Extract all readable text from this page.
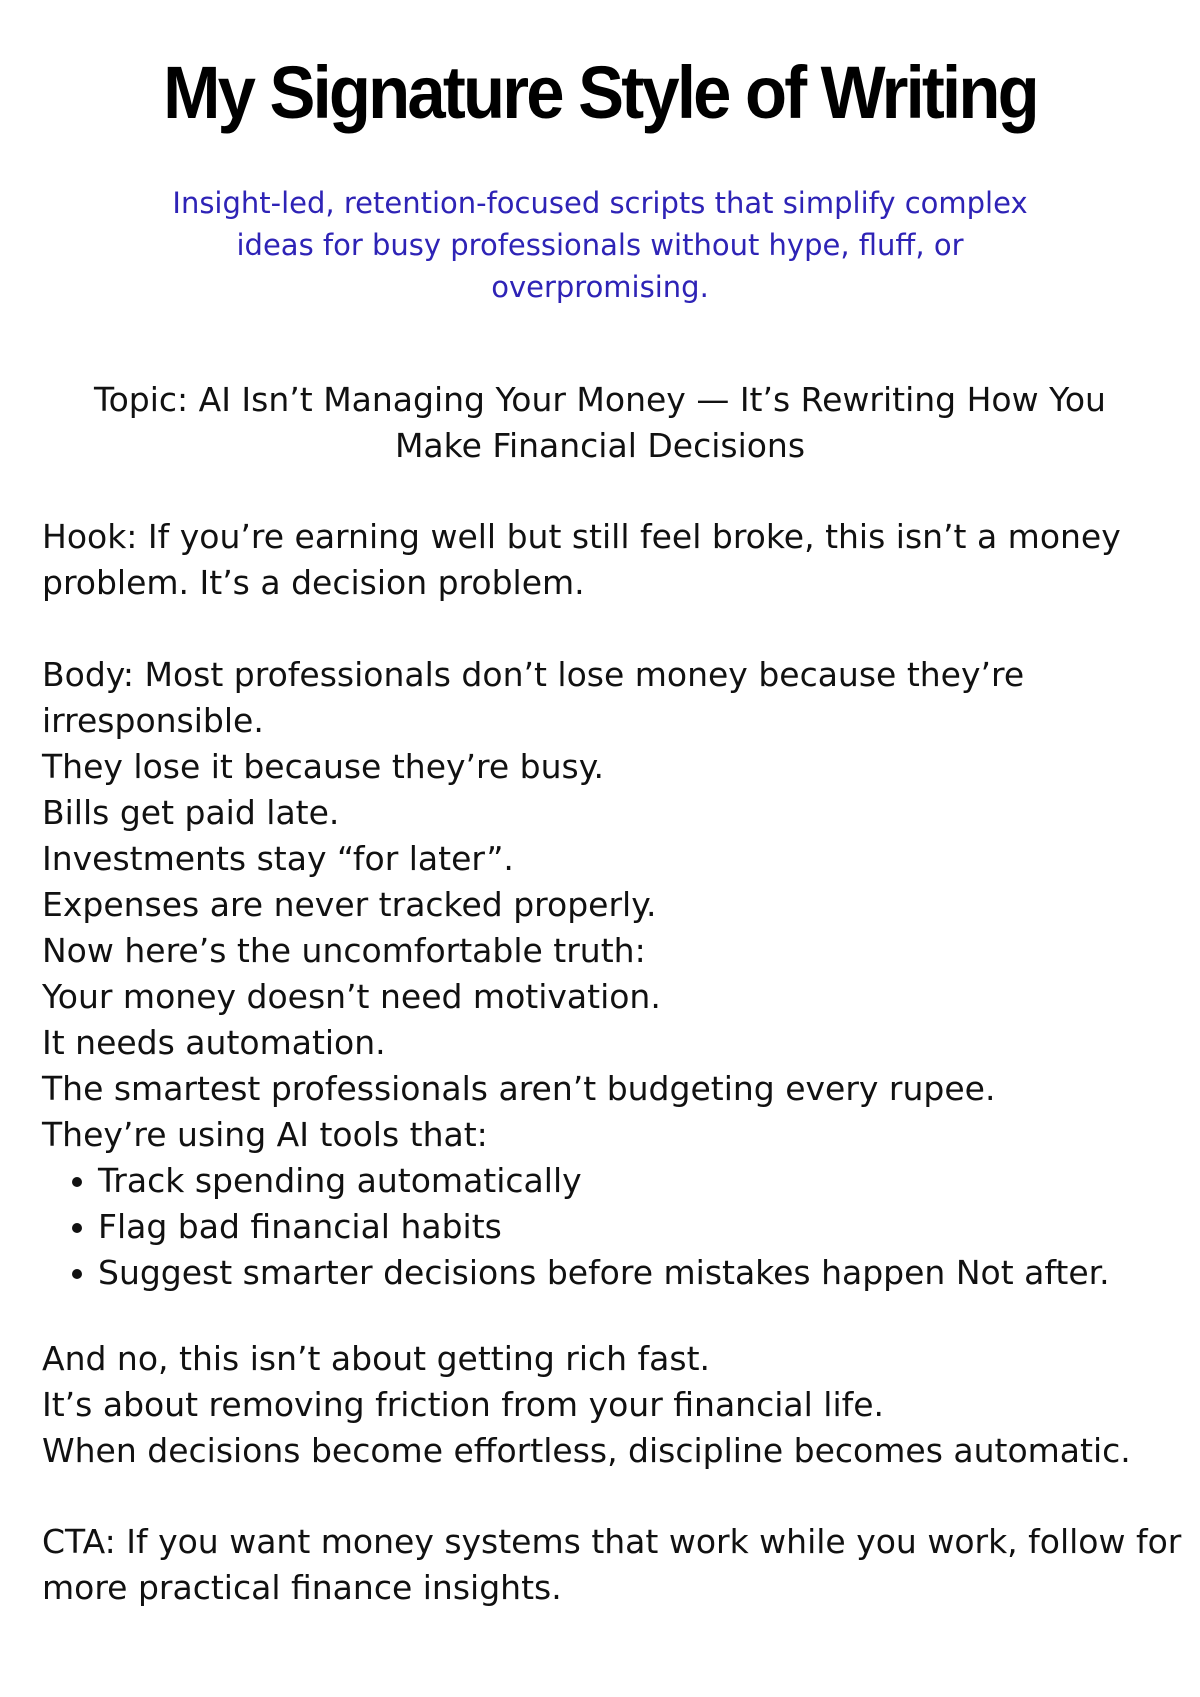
My Signature Style of Writing

Insight-led, retention-focused scripts that simplify complex ideas for busy professionals without hype, fluff, or overpromising.

Topic: AI Isn’t Managing Your Money — It’s Rewriting How You Make Financial Decisions

Hook: If you’re earning well but still feel broke, this isn’t a money problem. It’s a decision problem.

Body: Most professionals don’t lose money because they’re
irresponsible.
They lose it because they’re busy.
Bills get paid late.
Investments stay “for later”.
Expenses are never tracked properly.
Now here’s the uncomfortable truth:
Your money doesn’t need motivation.
It needs automation.
The smartest professionals aren’t budgeting every rupee.
They’re using AI tools that:
Track spending automatically
Flag bad financial habits
Suggest smarter decisions before mistakes happen Not after.
And no, this isn’t about getting rich fast.
It’s about removing friction from your financial life.
When decisions become effortless, discipline becomes automatic.

CTA: If you want money systems that work while you work, follow for more practical finance insights.
